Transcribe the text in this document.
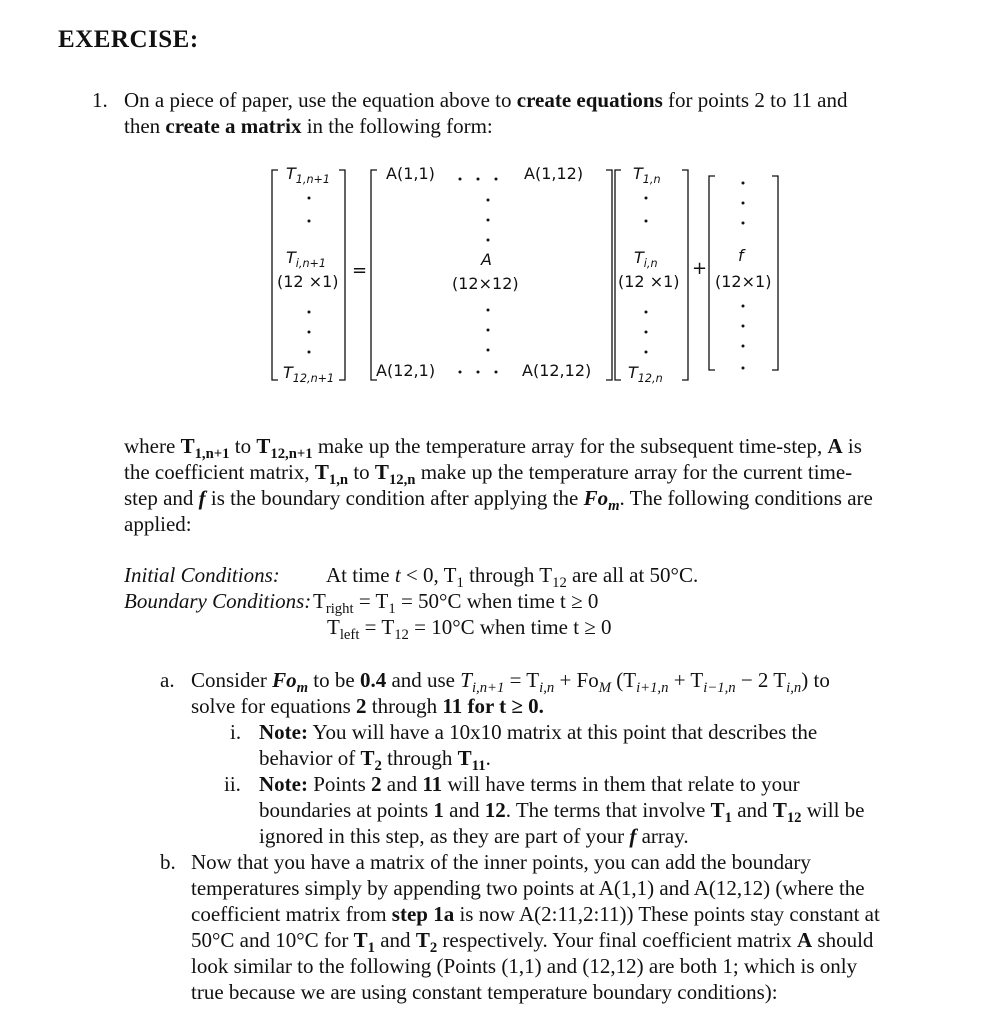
EXERCISE:
1. On a piece of paper, use the equation above to create equations for points 2 to 11 and
then create a matrix in the following form:
$T_{1,n+1}$
$T_{i,n+1}$
(12 ×1)
$T_{12,n+1}$
=
A(1,1)	A(1,12)
A
(12×12)
A(12,1)	A(12,12)
$T_{1,n}$
$T_{i,n}$
(12 ×1)
$T_{12,n}$
+
f
(12×1)
where $T_{1,n+1}$ to $T_{12,n+1}$ make up the temperature array for the subsequent time-step, A is
the coefficient matrix, $T_{1,n}$ to $T_{12,n}$ make up the temperature array for the current time-
step and f is the boundary condition after applying the $Fo_m$. The following conditions are
applied:
Initial Conditions: At time t < 0, $T_1$ through $T_{12}$ are all at 50°C.
Boundary Conditions: $T_{right} = T_1 = 50^\circ C$ when time t ≥ 0
$T_{left} = T_{12} = 10^\circ C$ when time t ≥ 0
a. Consider $Fo_m$ to be 0.4 and use $T_{i,n+1} = T_{i,n} + Fo_M$ ($T_{i+1,n} + T_{i-1,n} - 2$ $T_{i,n}$) to
solve for equations 2 through 11 for t ≥ 0.
i. Note: You will have a 10x10 matrix at this point that describes the
behavior of $T_2$ through $T_{11}$.
ii. Note: Points 2 and 11 will have terms in them that relate to your
boundaries at points 1 and 12. The terms that involve $T_1$ and $T_{12}$ will be
ignored in this step, as they are part of your f array.
b. Now that you have a matrix of the inner points, you can add the boundary
temperatures simply by appending two points at A(1,1) and A(12,12) (where the
coefficient matrix from step 1a is now A(2:11,2:11)) These points stay constant at
50°C and 10°C for $T_1$ and $T_2$ respectively. Your final coefficient matrix A should
look similar to the following (Points (1,1) and (12,12) are both 1; which is only
true because we are using constant temperature boundary conditions):
